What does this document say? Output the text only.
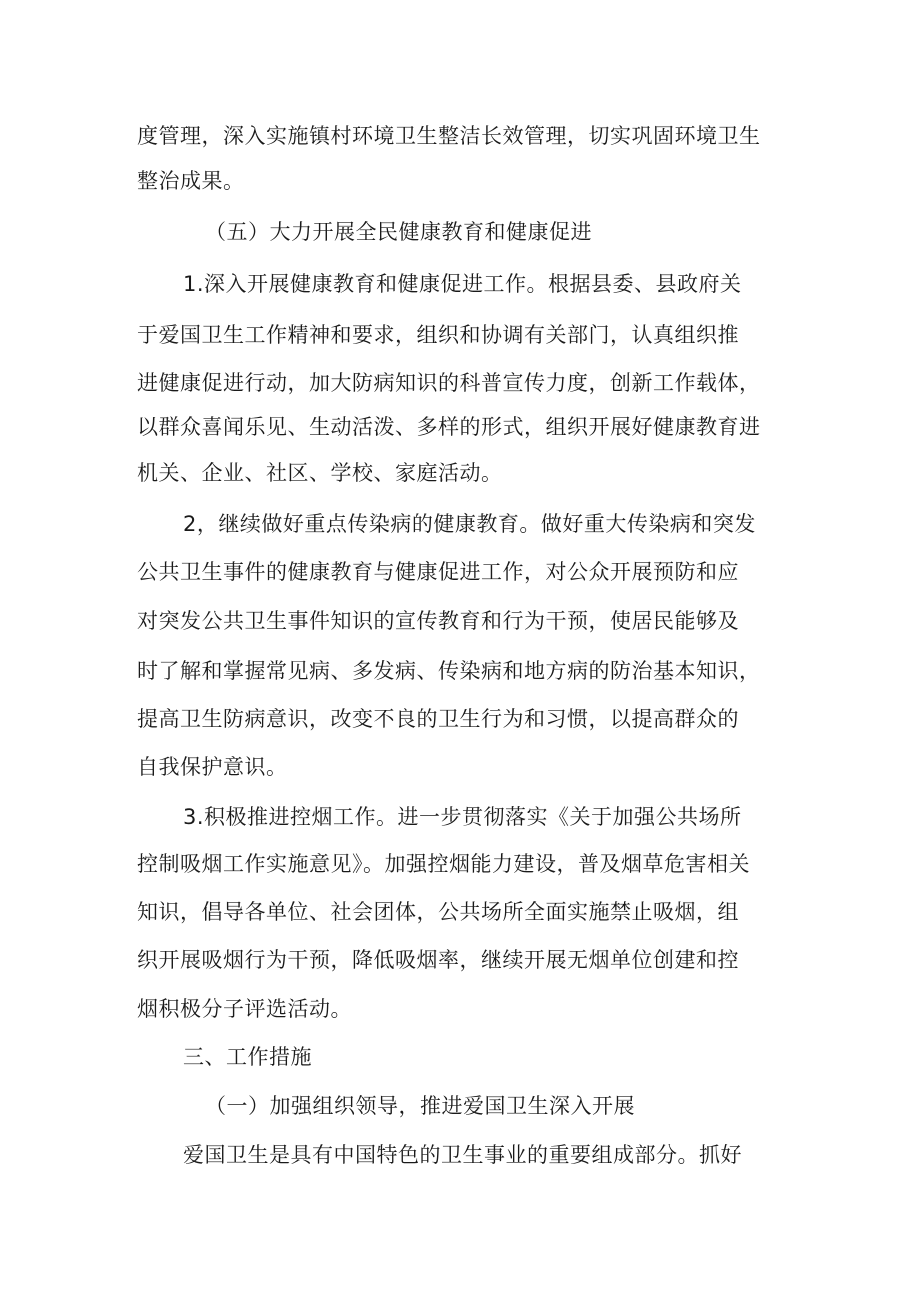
度管理，深入实施镇村环境卫生整洁长效管理，切实巩固环境卫生
整治成果。
（五）大力开展全民健康教育和健康促进
1.深入开展健康教育和健康促进工作。根据县委、县政府关
于爱国卫生工作精神和要求，组织和协调有关部门，认真组织推
进健康促进行动，加大防病知识的科普宣传力度，创新工作载体，
以群众喜闻乐见、生动活泼、多样的形式，组织开展好健康教育进
机关、企业、社区、学校、家庭活动。
2，继续做好重点传染病的健康教育。做好重大传染病和突发
公共卫生事件的健康教育与健康促进工作，对公众开展预防和应
对突发公共卫生事件知识的宣传教育和行为干预，使居民能够及
时了解和掌握常见病、多发病、传染病和地方病的防治基本知识，
提高卫生防病意识，改变不良的卫生行为和习惯，以提高群众的
自我保护意识。
3.积极推进控烟工作。进一步贯彻落实《关于加强公共场所
控制吸烟工作实施意见》。加强控烟能力建设，普及烟草危害相关
知识，倡导各单位、社会团体，公共场所全面实施禁止吸烟，组
织开展吸烟行为干预，降低吸烟率，继续开展无烟单位创建和控
烟积极分子评选活动。
三、工作措施
（一）加强组织领导，推进爱国卫生深入开展
爱国卫生是具有中国特色的卫生事业的重要组成部分。抓好
